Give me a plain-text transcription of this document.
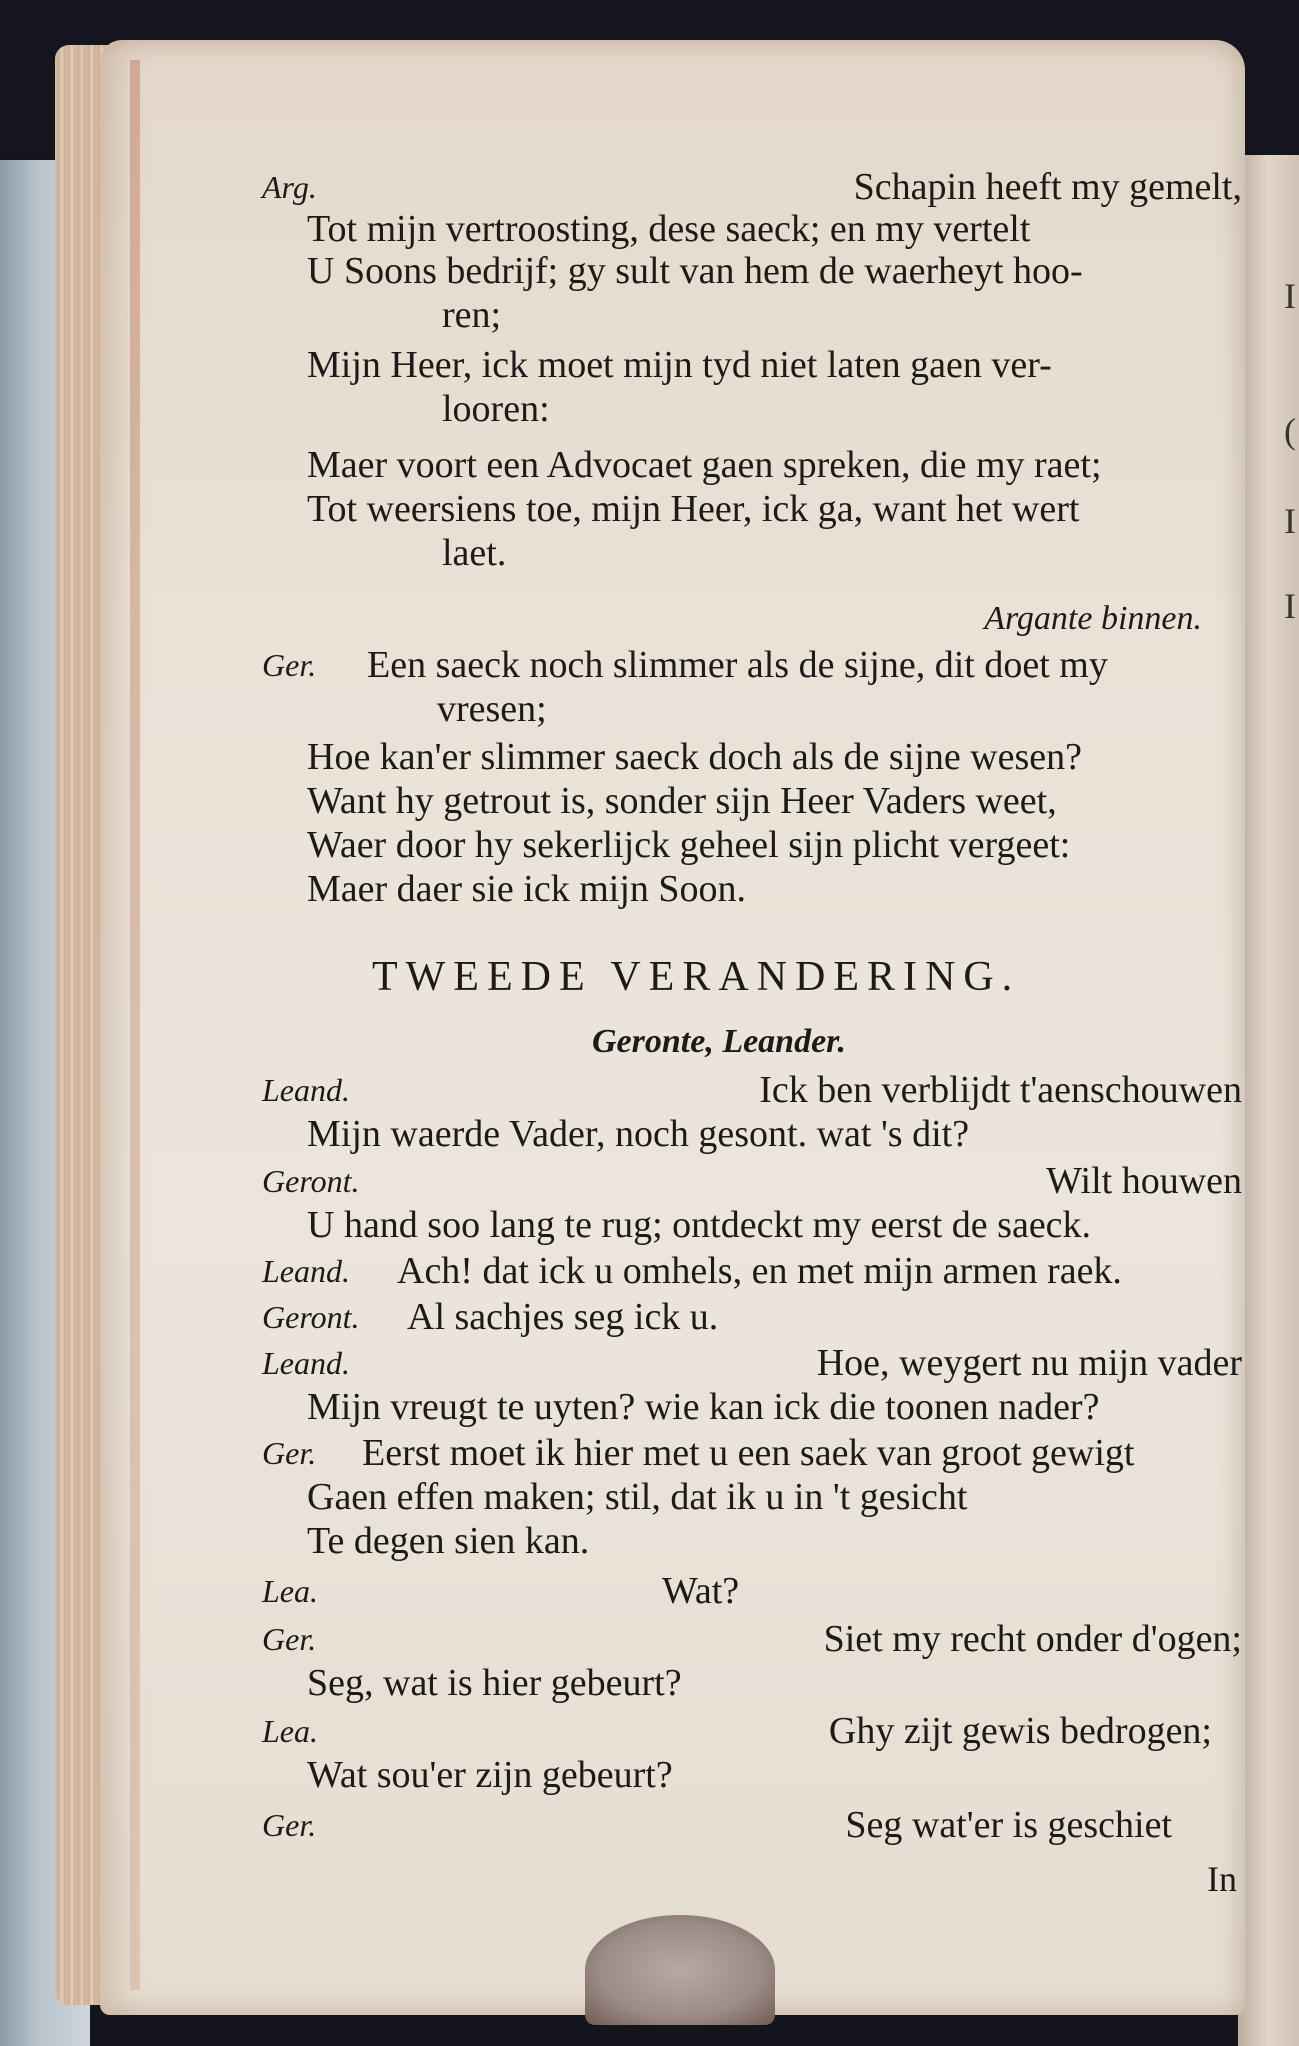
I
(
I
I
Arg.	Schapin heeft my gemelt,
Tot mijn vertroosting, dese saeck; en my vertelt
U Soons bedrijf; gy sult van hem de waerheyt hoo-
ren;
Mijn Heer, ick moet mijn tyd niet laten gaen ver-
looren:
Maer voort een Advocaet gaen spreken, die my raet;
Tot weersiens toe, mijn Heer, ick ga, want het wert
laet.
Argante binnen.
Ger. Een saeck noch slimmer als de sijne, dit doet my
vresen;
Hoe kan'er slimmer saeck doch als de sijne wesen?
Want hy getrout is, sonder sijn Heer Vaders weet,
Waer door hy sekerlijck geheel sijn plicht vergeet:
Maer daer sie ick mijn Soon.
TWEEDE VERANDERING.
Geronte, Leander.
Leand.	Ick ben verblijdt t'aenschouwen
Mijn waerde Vader, noch gesont. wat 's dit?
Geront.	Wilt houwen
U hand soo lang te rug; ontdeckt my eerst de saeck.
Leand. Ach! dat ick u omhels, en met mijn armen raek.
Geront. Al sachjes seg ick u.
Leand.	Hoe, weygert nu mijn vader
Mijn vreugt te uyten? wie kan ick die toonen nader?
Ger. Eerst moet ik hier met u een saek van groot gewigt
Gaen effen maken; stil, dat ik u in 't gesicht
Te degen sien kan.
Lea.	Wat?
Ger.	Siet my recht onder d'ogen;
Seg, wat is hier gebeurt?
Lea.	Ghy zijt gewis bedrogen;
Wat sou'er zijn gebeurt?
Ger.	Seg wat'er is geschiet
In
